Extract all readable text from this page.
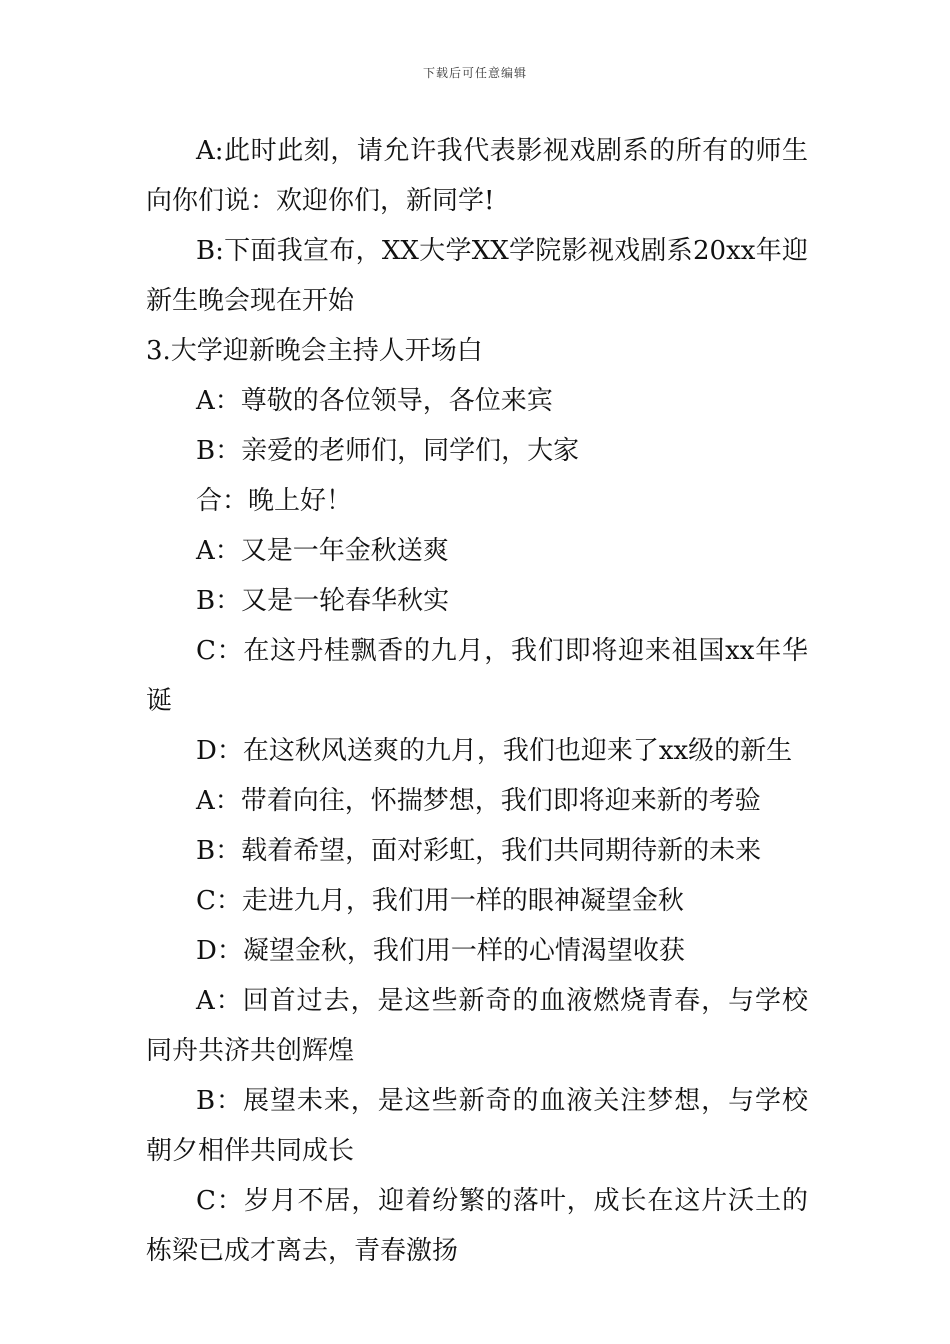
下载后可任意编辑

A:此时此刻，请允许我代表影视戏剧系的所有的师生向你们说：欢迎你们，新同学!

B:下面我宣布，XX大学XX学院影视戏剧系20xx年迎新生晚会现在开始

3.大学迎新晚会主持人开场白

A：尊敬的各位领导，各位来宾

B：亲爱的老师们，同学们，大家

合：晚上好！

A：又是一年金秋送爽

B：又是一轮春华秋实

C：在这丹桂飘香的九月，我们即将迎来祖国xx年华诞

D：在这秋风送爽的九月，我们也迎来了xx级的新生

A：带着向往，怀揣梦想，我们即将迎来新的考验

B：载着希望，面对彩虹，我们共同期待新的未来

C：走进九月，我们用一样的眼神凝望金秋

D：凝望金秋，我们用一样的心情渴望收获

A：回首过去，是这些新奇的血液燃烧青春，与学校同舟共济共创辉煌

B：展望未来，是这些新奇的血液关注梦想，与学校朝夕相伴共同成长

C：岁月不居，迎着纷繁的落叶，成长在这片沃土的栋梁已成才离去，青春激扬
